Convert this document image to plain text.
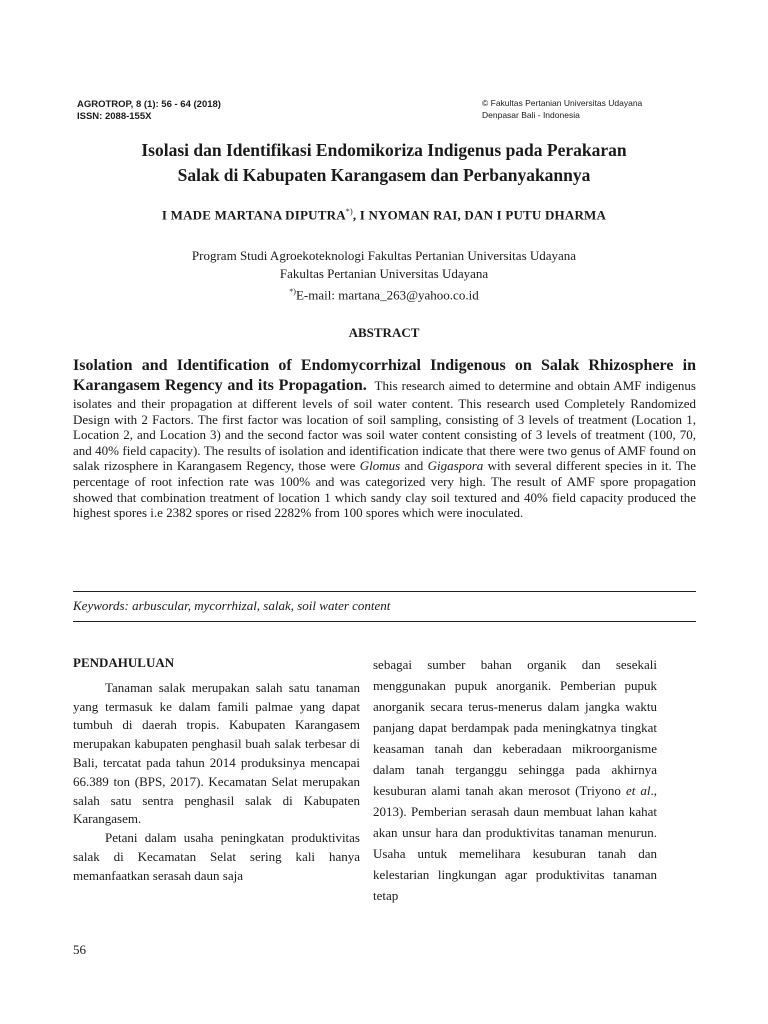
AGROTROP, 8 (1): 56 - 64 (2018)
ISSN: 2088-155X
© Fakultas Pertanian Universitas Udayana
Denpasar Bali - Indonesia
Isolasi dan Identifikasi Endomikoriza Indigenus pada Perakaran
Salak di Kabupaten Karangasem dan Perbanyakannya
I MADE MARTANA DIPUTRA*), I NYOMAN RAI, DAN I PUTU DHARMA
Program Studi Agroekoteknologi Fakultas Pertanian Universitas Udayana
Fakultas Pertanian Universitas Udayana
*)E-mail: martana_263@yahoo.co.id
ABSTRACT
Isolation and Identification of Endomycorrhizal Indigenous on Salak Rhizosphere in Karangasem Regency and its Propagation. This research aimed to determine and obtain AMF indigenus isolates and their propagation at different levels of soil water content. This research used Completely Randomized Design with 2 Factors. The first factor was location of soil sampling, consisting of 3 levels of treatment (Location 1, Location 2, and Location 3) and the second factor was soil water content consisting of 3 levels of treatment (100, 70, and 40% field capacity). The results of isolation and identification indicate that there were two genus of AMF found on salak rizosphere in Karangasem Regency, those were Glomus and Gigaspora with several different species in it. The percentage of root infection rate was 100% and was categorized very high. The result of AMF spore propagation showed that combination treatment of location 1 which sandy clay soil textured and 40% field capacity produced the highest spores i.e 2382 spores or rised 2282% from 100 spores which were inoculated.
Keywords: arbuscular, mycorrhizal, salak, soil water content
PENDAHULUAN

Tanaman salak merupakan salah satu tanaman yang termasuk ke dalam famili palmae yang dapat tumbuh di daerah tropis. Kabupaten Karangasem merupakan kabupaten penghasil buah salak terbesar di Bali, tercatat pada tahun 2014 produksinya mencapai 66.389 ton (BPS, 2017). Kecamatan Selat merupakan salah satu sentra penghasil salak di Kabupaten Karangasem.

Petani dalam usaha peningkatan produktivitas salak di Kecamatan Selat sering kali hanya memanfaatkan serasah daun saja

sebagai sumber bahan organik dan sesekali menggunakan pupuk anorganik. Pemberian pupuk anorganik secara terus-menerus dalam jangka waktu panjang dapat berdampak pada meningkatnya tingkat keasaman tanah dan keberadaan mikroorganisme dalam tanah terganggu sehingga pada akhirnya kesuburan alami tanah akan merosot (Triyono et al., 2013). Pemberian serasah daun membuat lahan kahat akan unsur hara dan produktivitas tanaman menurun. Usaha untuk memelihara kesuburan tanah dan kelestarian lingkungan agar produktivitas tanaman tetap

56
